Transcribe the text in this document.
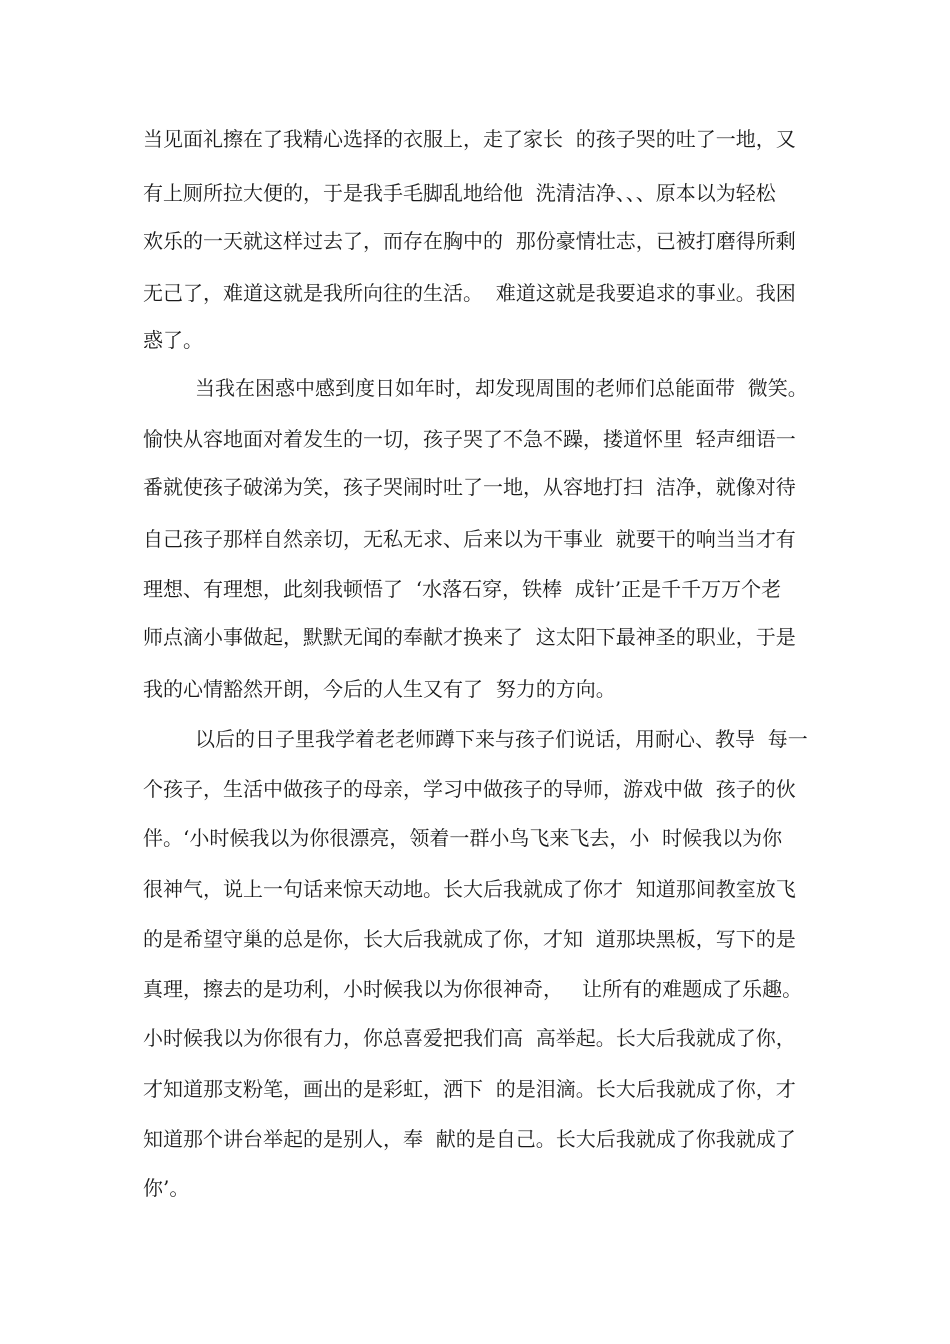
当见面礼擦在了我精心选择的衣服上，走了家长  的孩子哭的吐了一地，又

有上厕所拉大便的，于是我手毛脚乱地给他  洗清洁净、、、原本以为轻松

欢乐的一天就这样过去了，而存在胸中的  那份豪情壮志，已被打磨得所剩

无己了，难道这就是我所向往的生活。  难道这就是我要追求的事业。我困

惑了。

当我在困惑中感到度日如年时，却发现周围的老师们总能面带  微笑。

愉快从容地面对着发生的一切，孩子哭了不急不躁，搂道怀里  轻声细语一

番就使孩子破涕为笑，孩子哭闹时吐了一地，从容地打扫  洁净，就像对待

自己孩子那样自然亲切，无私无求、后来以为干事业  就要干的响当当才有

理想、有理想，此刻我顿悟了  ‘水落石穿，铁棒  成针’正是千千万万个老

师点滴小事做起，默默无闻的奉献才换来了  这太阳下最神圣的职业，于是

我的心情豁然开朗，今后的人生又有了  努力的方向。

以后的日子里我学着老老师蹲下来与孩子们说话，用耐心、教导  每一

个孩子，生活中做孩子的母亲，学习中做孩子的导师，游戏中做  孩子的伙

伴。‘小时候我以为你很漂亮，领着一群小鸟飞来飞去，小  时候我以为你

很神气，说上一句话来惊天动地。长大后我就成了你才  知道那间教室放飞

的是希望守巢的总是你，长大后我就成了你，才知  道那块黑板，写下的是

真理，擦去的是功利，小时候我以为你很神奇，   让所有的难题成了乐趣。

小时候我以为你很有力，你总喜爱把我们高  高举起。长大后我就成了你，

才知道那支粉笔，画出的是彩虹，洒下  的是泪滴。长大后我就成了你，才

知道那个讲台举起的是别人，奉  献的是自己。长大后我就成了你我就成了

你’。
